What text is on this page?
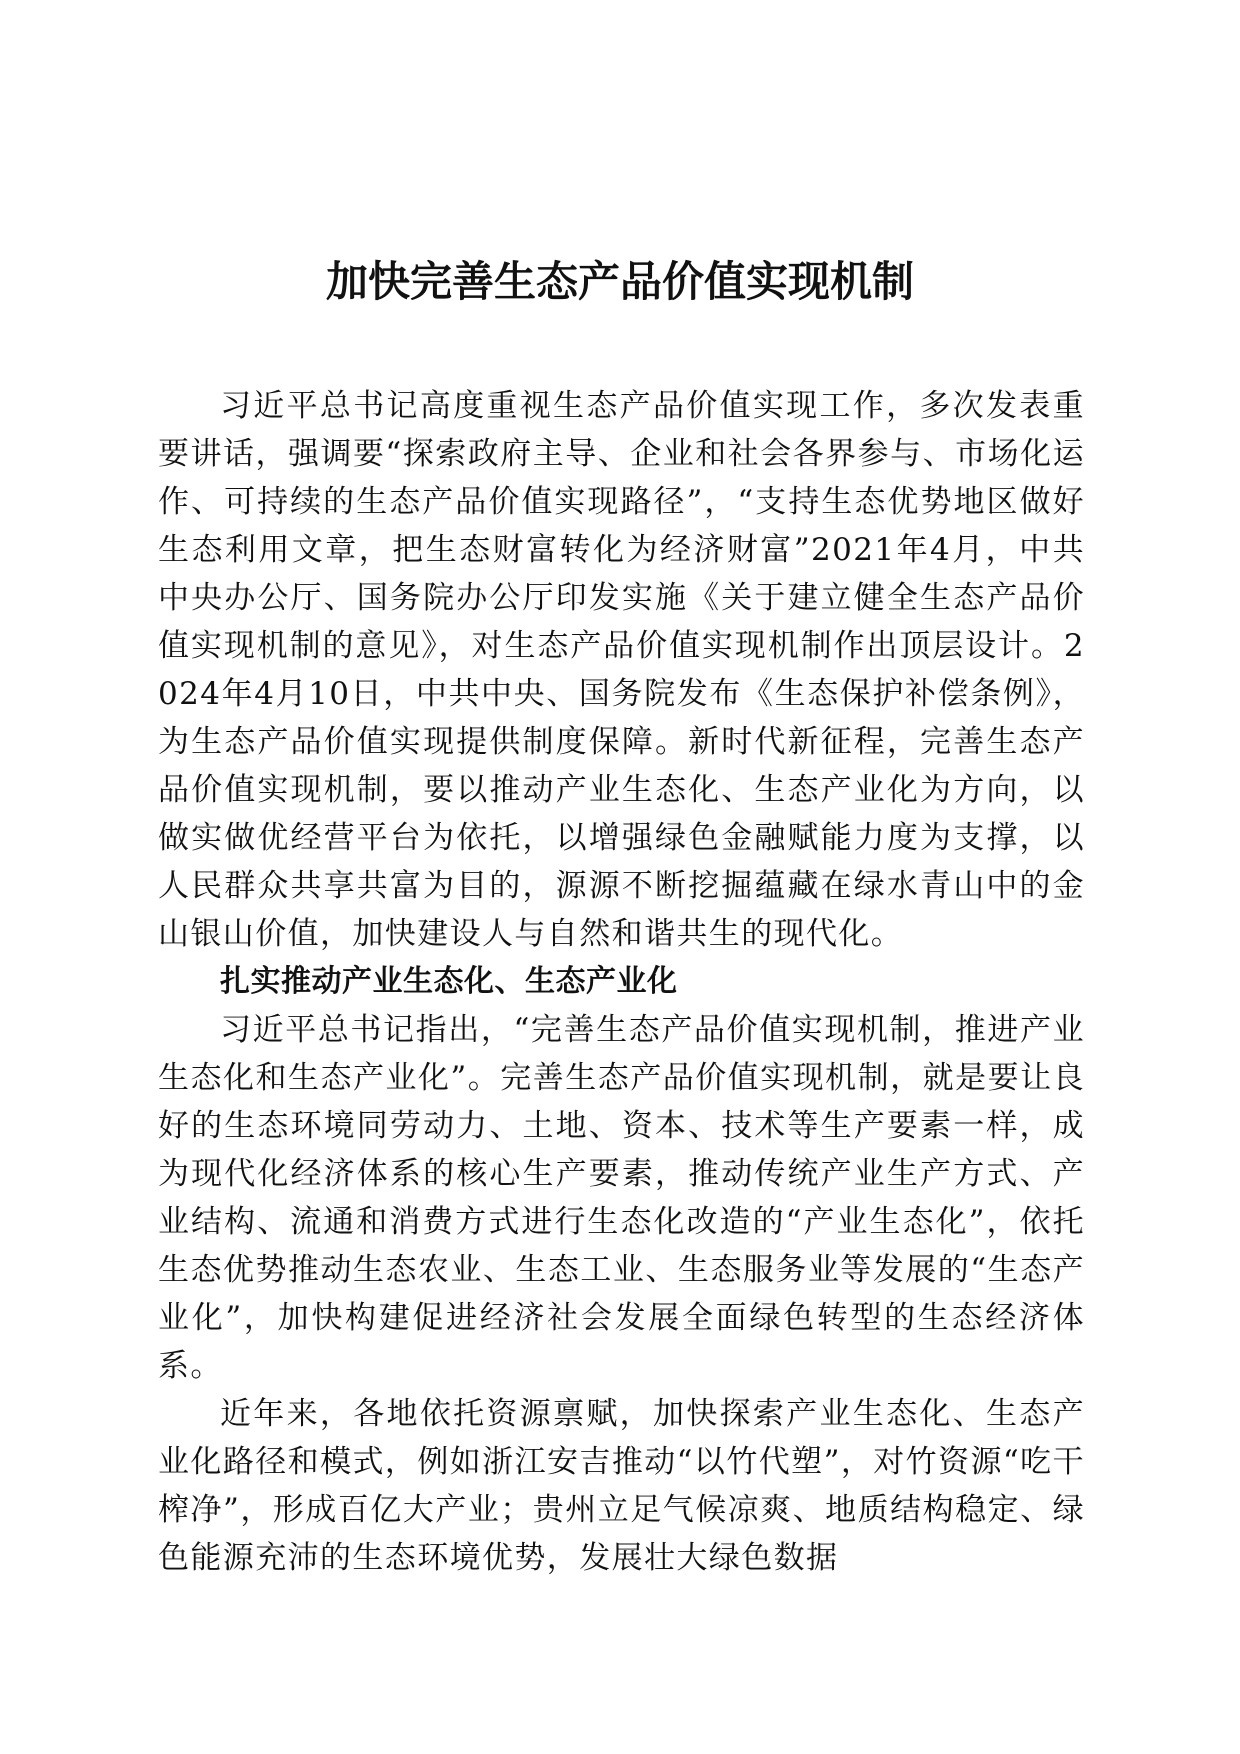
加快完善生态产品价值实现机制

习近平总书记高度重视生态产品价值实现工作，多次发表重要讲话，强调要“探索政府主导、企业和社会各界参与、市场化运作、可持续的生态产品价值实现路径”，“支持生态优势地区做好生态利用文章，把生态财富转化为经济财富”2021年4月，中共中央办公厅、国务院办公厅印发实施《关于建立健全生态产品价值实现机制的意见》，对生态产品价值实现机制作出顶层设计。2024年4月10日，中共中央、国务院发布《生态保护补偿条例》，为生态产品价值实现提供制度保障。新时代新征程，完善生态产品价值实现机制，要以推动产业生态化、生态产业化为方向，以做实做优经营平台为依托，以增强绿色金融赋能力度为支撑，以人民群众共享共富为目的，源源不断挖掘蕴藏在绿水青山中的金山银山价值，加快建设人与自然和谐共生的现代化。

扎实推动产业生态化、生态产业化

习近平总书记指出，“完善生态产品价值实现机制，推进产业生态化和生态产业化”。完善生态产品价值实现机制，就是要让良好的生态环境同劳动力、土地、资本、技术等生产要素一样，成为现代化经济体系的核心生产要素，推动传统产业生产方式、产业结构、流通和消费方式进行生态化改造的“产业生态化”，依托生态优势推动生态农业、生态工业、生态服务业等发展的“生态产业化”，加快构建促进经济社会发展全面绿色转型的生态经济体系。

近年来，各地依托资源禀赋，加快探索产业生态化、生态产业化路径和模式，例如浙江安吉推动“以竹代塑”，对竹资源“吃干榨净”，形成百亿大产业；贵州立足气候凉爽、地质结构稳定、绿色能源充沛的生态环境优势，发展壮大绿色数据
